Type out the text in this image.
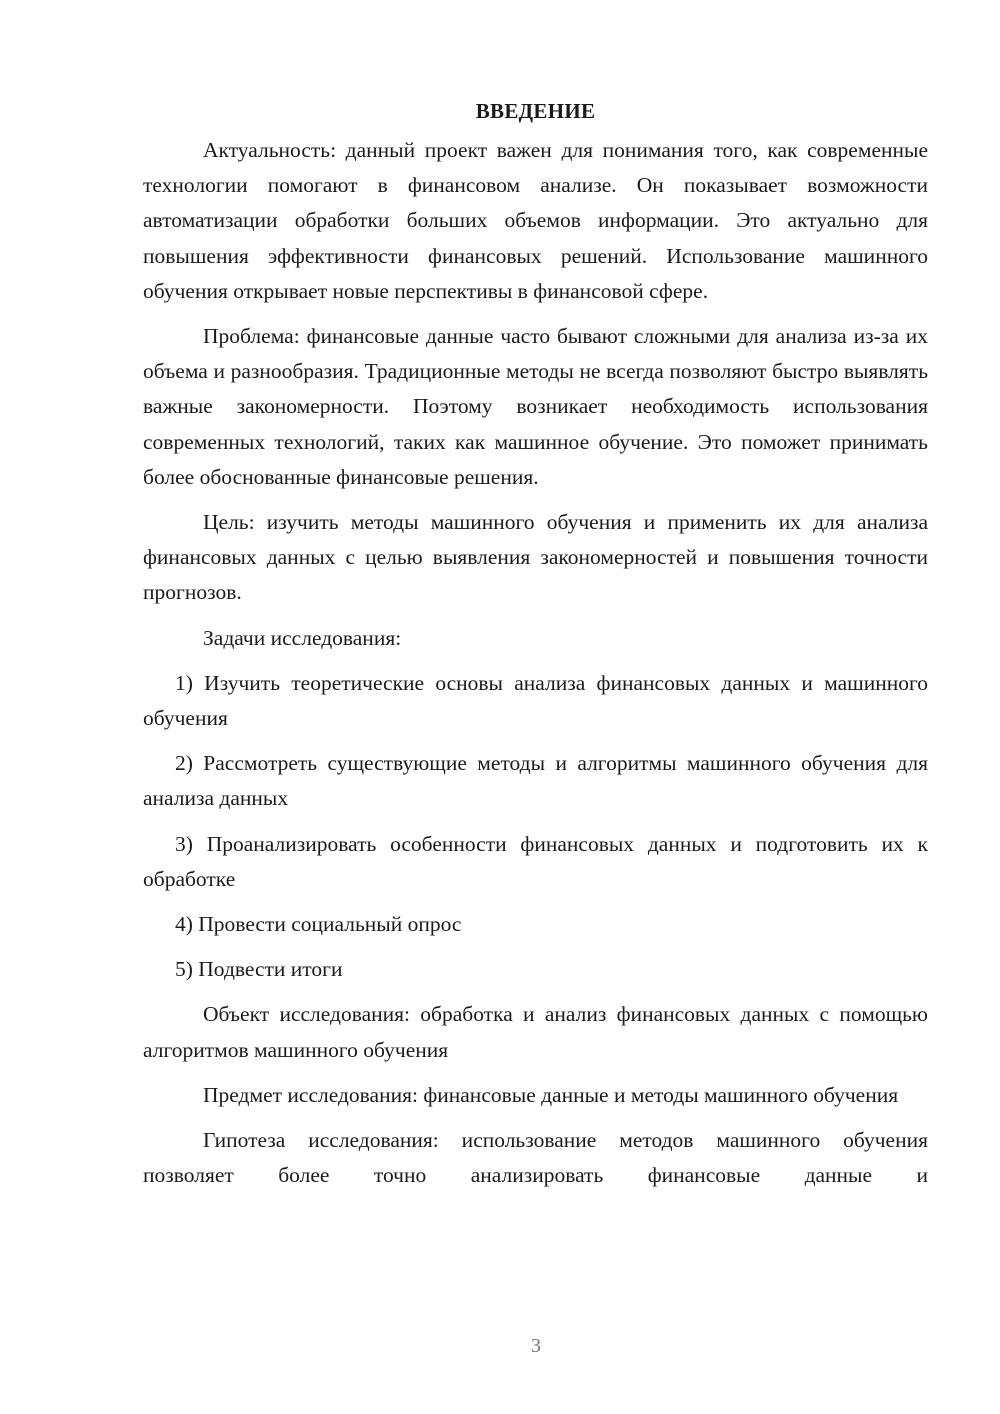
ВВЕДЕНИЕ

Актуальность: данный проект важен для понимания того, как современные технологии помогают в финансовом анализе. Он показывает возможности автоматизации обработки больших объемов информации. Это актуально для повышения эффективности финансовых решений. Использование машинного обучения открывает новые перспективы в финансовой сфере.

Проблема: финансовые данные часто бывают сложными для анализа из-за их объема и разнообразия. Традиционные методы не всегда позволяют быстро выявлять важные закономерности. Поэтому возникает необходимость использования современных технологий, таких как машинное обучение. Это поможет принимать более обоснованные финансовые решения.

Цель: изучить методы машинного обучения и применить их для анализа финансовых данных с целью выявления закономерностей и повышения точности прогнозов.

Задачи исследования:

1) Изучить теоретические основы анализа финансовых данных и машинного обучения

2) Рассмотреть существующие методы и алгоритмы машинного обучения для анализа данных

3) Проанализировать особенности финансовых данных и подготовить их к обработке

4) Провести социальный опрос

5) Подвести итоги

Объект исследования: обработка и анализ финансовых данных с помощью алгоритмов машинного обучения

Предмет исследования: финансовые данные и методы машинного обучения

Гипотеза исследования: использование методов машинного обучения позволяет более точно анализировать финансовые данные и

3
